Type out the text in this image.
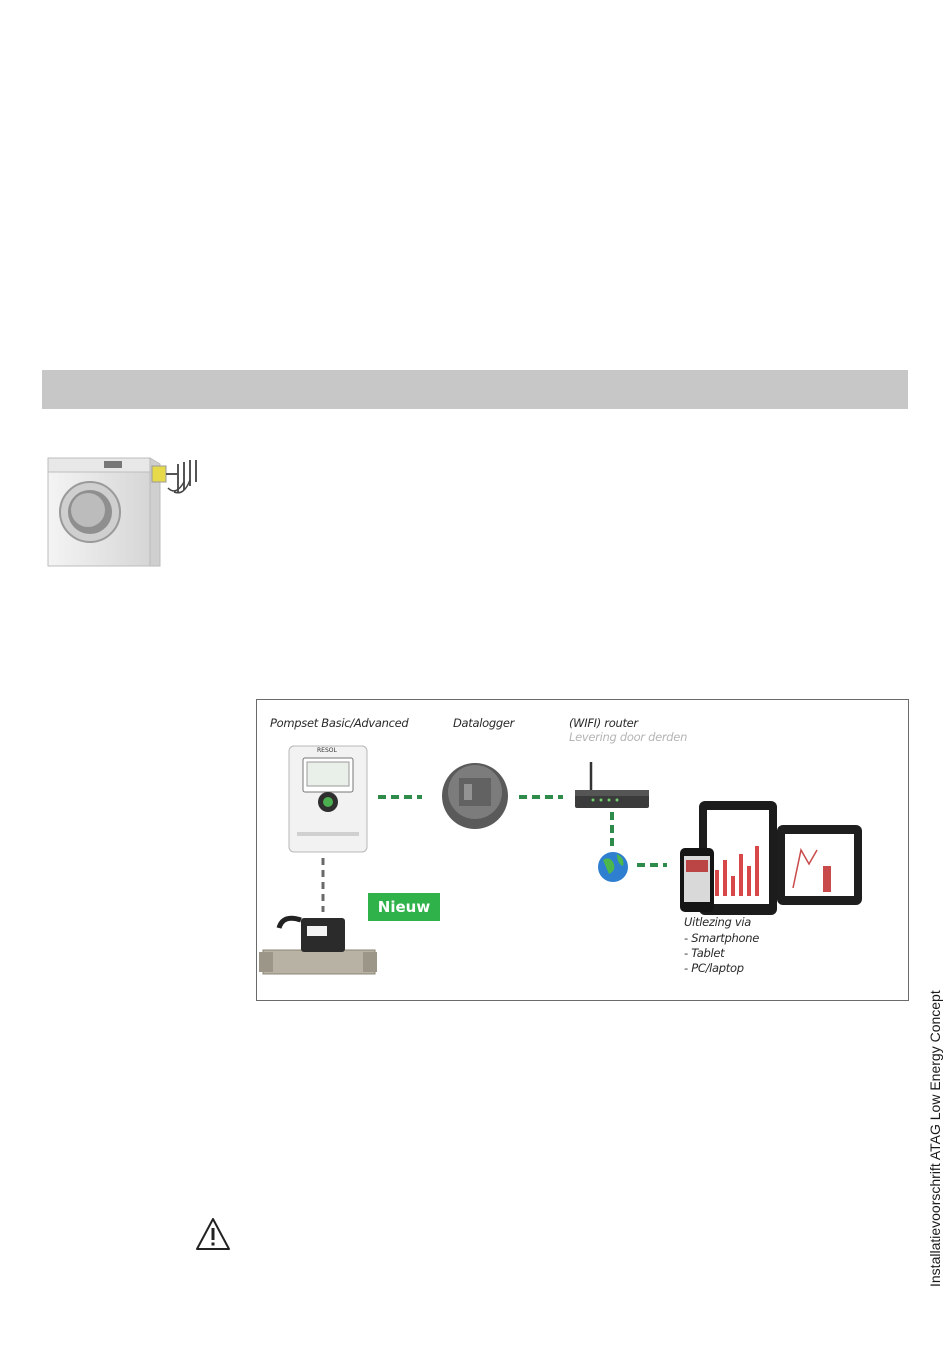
RESOL
Pompset Basic/Advanced	Datalogger	(WIFI) router
Levering door derden
Nieuw
Uitlezing via
- Smartphone
- Tablet
- PC/laptop
Installatievoorschrift ATAG Low Energy Concept
